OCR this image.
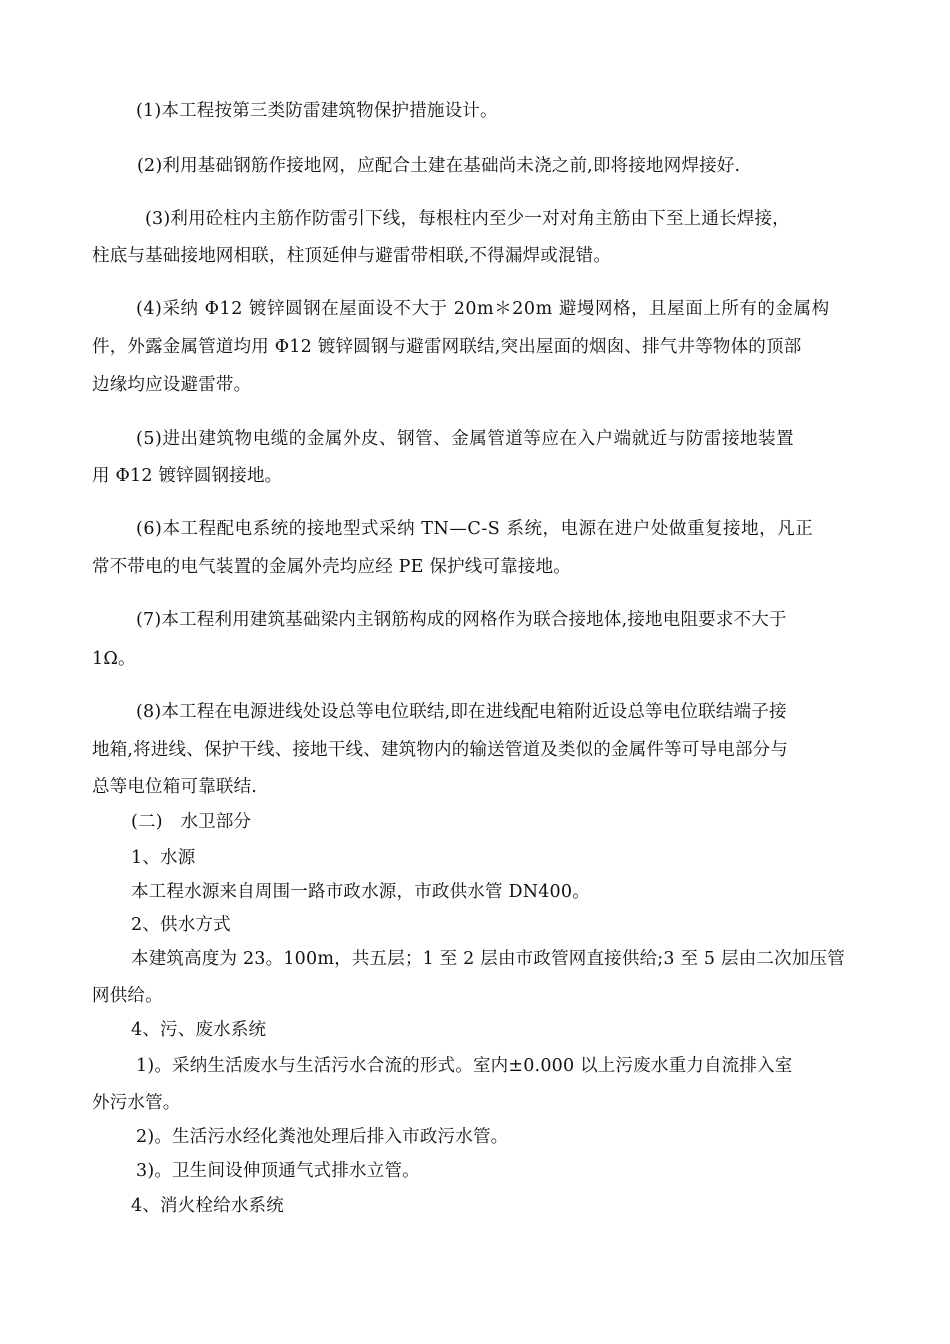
(1)本工程按第三类防雷建筑物保护措施设计。
(2)利用基础钢筋作接地网，应配合土建在基础尚未浇之前,即将接地网焊接好.
(3)利用砼柱内主筋作防雷引下线，每根柱内至少一对对角主筋由下至上通长焊接，
柱底与基础接地网相联，柱顶延伸与避雷带相联,不得漏焊或混错。
(4)采纳 Φ12 镀锌圆钢在屋面设不大于 20m＊20m 避墁网格，且屋面上所有的金属构
件，外露金属管道均用 Φ12 镀锌圆钢与避雷网联结,突出屋面的烟囱、排气井等物体的顶部
边缘均应设避雷带。
(5)进出建筑物电缆的金属外皮、钢管、金属管道等应在入户端就近与防雷接地装置
用 Φ12 镀锌圆钢接地。
(6)本工程配电系统的接地型式采纳 TN—C-S 系统，电源在进户处做重复接地，凡正
常不带电的电气装置的金属外壳均应经 PE 保护线可靠接地。
(7)本工程利用建筑基础梁内主钢筋构成的网格作为联合接地体,接地电阻要求不大于
1Ω。
(8)本工程在电源进线处设总等电位联结,即在进线配电箱附近设总等电位联结端子接
地箱,将进线、保护干线、接地干线、建筑物内的输送管道及类似的金属件等可导电部分与
总等电位箱可靠联结.
(二)　水卫部分
1、水源
本工程水源来自周围一路市政水源，市政供水管 DN400。
2、供水方式
本建筑高度为 23。100m，共五层；1 至 2 层由市政管网直接供给;3 至 5 层由二次加压管
网供给。
4、污、废水系统
1)。采纳生活废水与生活污水合流的形式。室内±0.000 以上污废水重力自流排入室
外污水管。
2)。生活污水经化粪池处理后排入市政污水管。
3)。卫生间设伸顶通气式排水立管。
4、消火栓给水系统
